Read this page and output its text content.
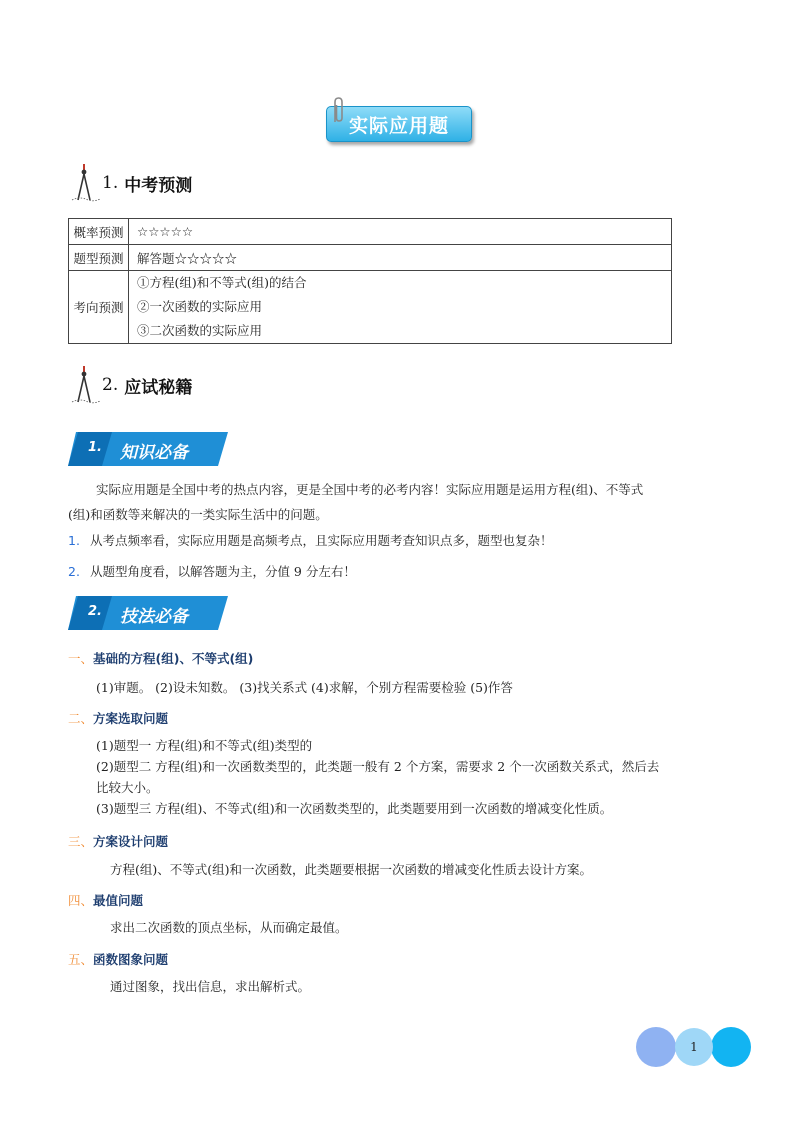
实际应用题
1. 中考预测
概率预测	☆☆☆☆☆
题型预测	解答题☆☆☆☆☆
考向预测	①方程(组)和不等式(组)的结合
②一次函数的实际应用
③二次函数的实际应用
2. 应试秘籍
1. 知识必备
实际应用题是全国中考的热点内容，更是全国中考的必考内容！实际应用题是运用方程(组)、不等式
(组)和函数等来解决的一类实际生活中的问题。
1. 从考点频率看，实际应用题是高频考点，且实际应用题考查知识点多，题型也复杂！
2. 从题型角度看，以解答题为主，分值 9 分左右！
2. 技法必备
一、基础的方程(组)、不等式(组)
(1)审题。 (2)设未知数。 (3)找关系式 (4)求解，个别方程需要检验 (5)作答
二、方案选取问题
(1)题型一 方程(组)和不等式(组)类型的
(2)题型二 方程(组)和一次函数类型的，此类题一般有 2 个方案，需要求 2 个一次函数关系式，然后去
比较大小。
(3)题型三 方程(组)、不等式(组)和一次函数类型的，此类题要用到一次函数的增减变化性质。
三、方案设计问题
方程(组)、不等式(组)和一次函数，此类题要根据一次函数的增减变化性质去设计方案。
四、最值问题
求出二次函数的顶点坐标，从而确定最值。
五、函数图象问题
通过图象，找出信息，求出解析式。
1
